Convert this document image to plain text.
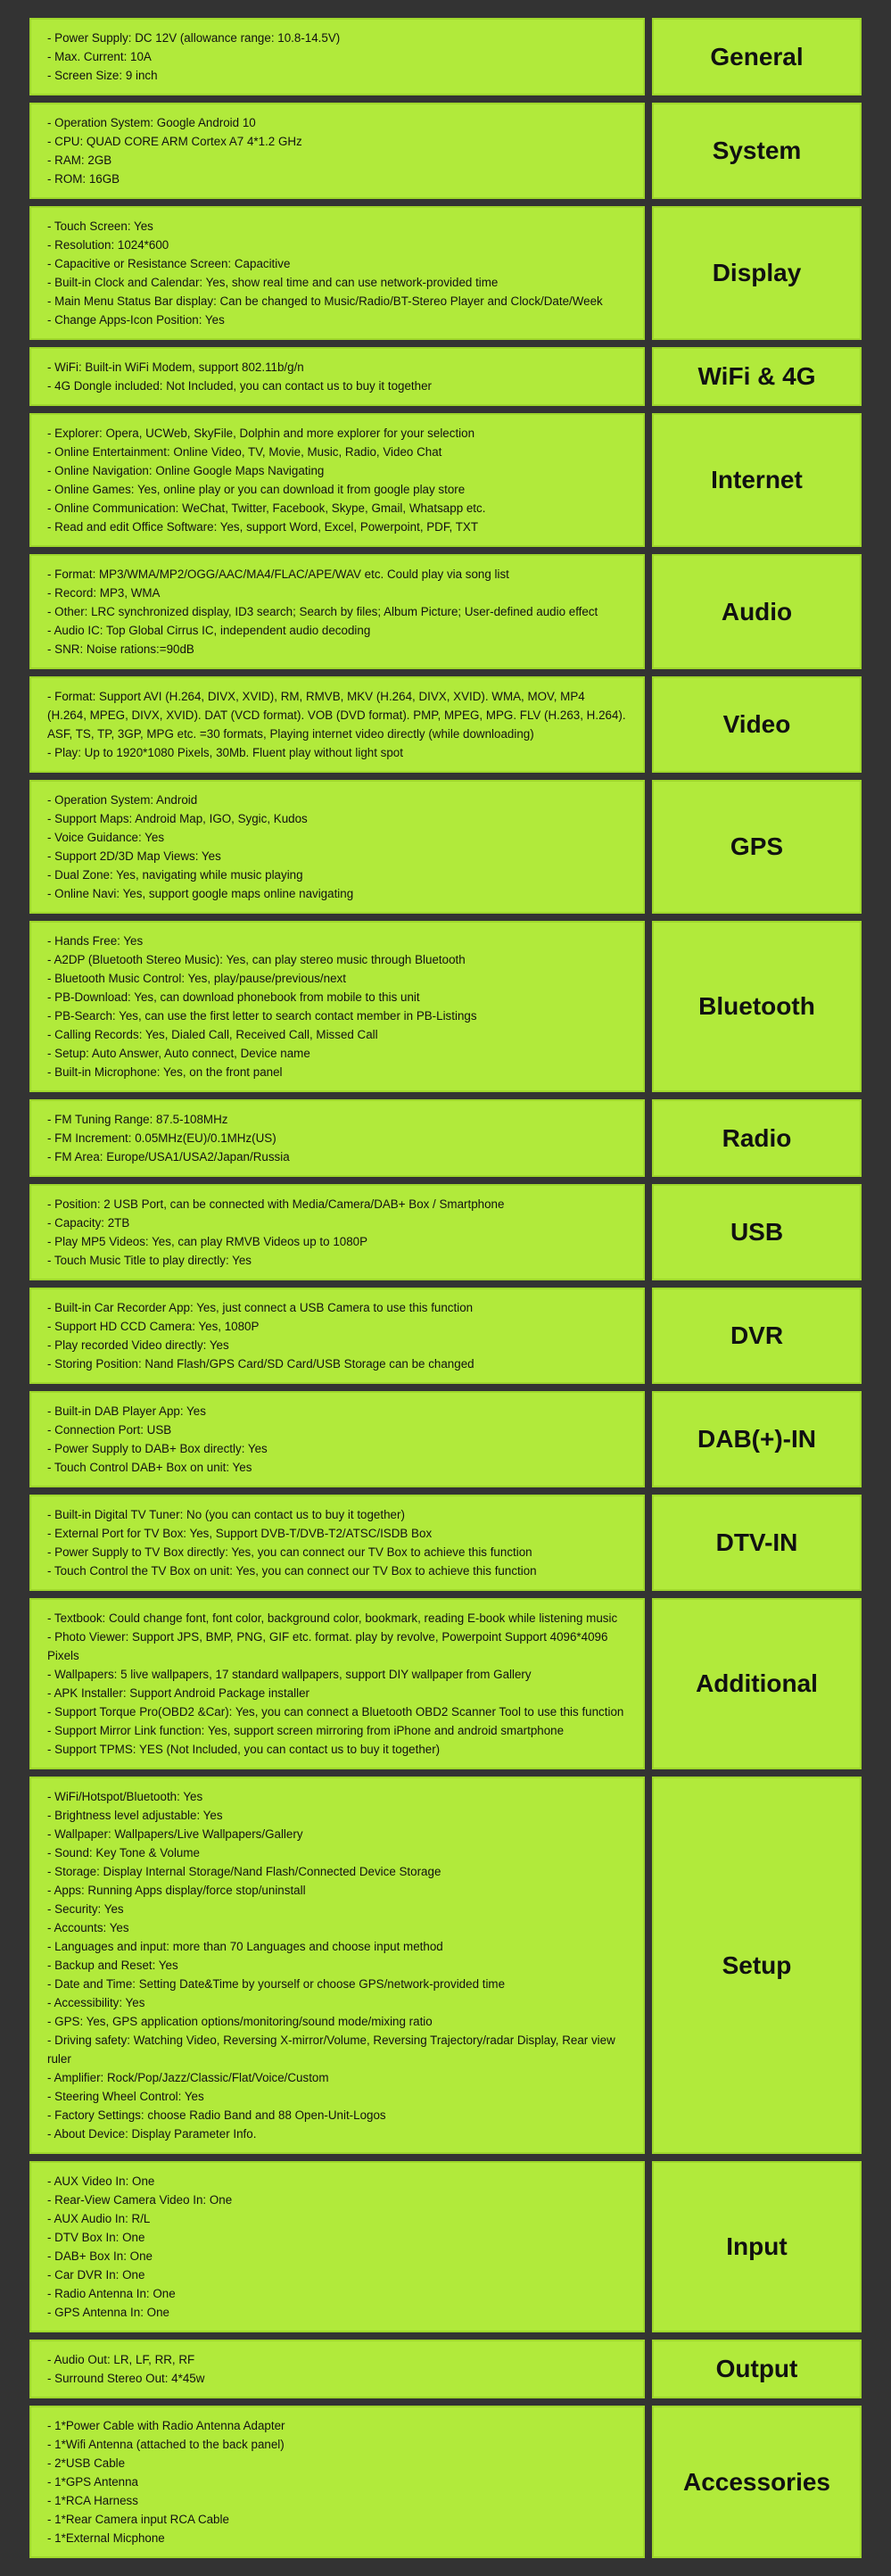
- Power Supply: DC 12V (allowance range: 10.8-14.5V)
- Max. Current: 10A
- Screen Size: 9 inch
General
- Operation System: Google Android 10
- CPU: QUAD CORE ARM Cortex A7 4*1.2 GHz
- RAM: 2GB
- ROM: 16GB
System
- Touch Screen: Yes
- Resolution: 1024*600
- Capacitive or Resistance Screen: Capacitive
- Built-in Clock and Calendar: Yes, show real time and can use network-provided time
- Main Menu Status Bar display: Can be changed to Music/Radio/BT-Stereo Player and Clock/Date/Week
- Change Apps-Icon Position: Yes
Display
- WiFi: Built-in WiFi Modem, support 802.11b/g/n
- 4G Dongle included: Not Included, you can contact us to buy it together	WiFi & 4G
- Explorer: Opera, UCWeb, SkyFile, Dolphin and more explorer for your selection
- Online Entertainment: Online Video, TV, Movie, Music, Radio, Video Chat
- Online Navigation: Online Google Maps Navigating
- Online Games: Yes, online play or you can download it from google play store
- Online Communication: WeChat, Twitter, Facebook, Skype, Gmail, Whatsapp etc.
- Read and edit Office Software: Yes, support Word, Excel, Powerpoint, PDF, TXT
Internet
- Format: MP3/WMA/MP2/OGG/AAC/MA4/FLAC/APE/WAV etc. Could play via song list
- Record: MP3, WMA
- Other: LRC synchronized display, ID3 search; Search by files; Album Picture; User-defined audio effect
- Audio IC: Top Global Cirrus IC, independent audio decoding
- SNR: Noise rations:=90dB
Audio
- Format: Support AVI (H.264, DIVX, XVID), RM, RMVB, MKV (H.264, DIVX, XVID). WMA, MOV, MP4 (H.264, MPEG, DIVX, XVID). DAT (VCD format). VOB (DVD format). PMP, MPEG, MPG. FLV (H.263, H.264). ASF, TS, TP, 3GP, MPG etc. =30 formats, Playing internet video directly (while downloading)
- Play: Up to 1920*1080 Pixels, 30Mb. Fluent play without light spot
Video
- Operation System: Android
- Support Maps: Android Map, IGO, Sygic, Kudos
- Voice Guidance: Yes
- Support 2D/3D Map Views: Yes
- Dual Zone: Yes, navigating while music playing
- Online Navi: Yes, support google maps online navigating
GPS
- Hands Free: Yes
- A2DP (Bluetooth Stereo Music): Yes, can play stereo music through Bluetooth
- Bluetooth Music Control: Yes, play/pause/previous/next
- PB-Download: Yes, can download phonebook from mobile to this unit
- PB-Search: Yes, can use the first letter to search contact member in PB-Listings
- Calling Records: Yes, Dialed Call, Received Call, Missed Call
- Setup: Auto Answer, Auto connect, Device name
- Built-in Microphone: Yes, on the front panel
Bluetooth
- FM Tuning Range: 87.5-108MHz
- FM Increment: 0.05MHz(EU)/0.1MHz(US)
- FM Area: Europe/USA1/USA2/Japan/Russia
Radio
- Position: 2 USB Port, can be connected with Media/Camera/DAB+ Box / Smartphone
- Capacity: 2TB
- Play MP5 Videos: Yes, can play RMVB Videos up to 1080P
- Touch Music Title to play directly: Yes
USB
- Built-in Car Recorder App: Yes, just connect a USB Camera to use this function
- Support HD CCD Camera: Yes, 1080P
- Play recorded Video directly: Yes
- Storing Position: Nand Flash/GPS Card/SD Card/USB Storage can be changed
DVR
- Built-in DAB Player App: Yes
- Connection Port: USB
- Power Supply to DAB+ Box directly: Yes
- Touch Control DAB+ Box on unit: Yes
DAB(+)-IN
- Built-in Digital TV Tuner: No (you can contact us to buy it together)
- External Port for TV Box: Yes, Support DVB-T/DVB-T2/ATSC/ISDB Box
- Power Supply to TV Box directly: Yes, you can connect our TV Box to achieve this function
- Touch Control the TV Box on unit: Yes, you can connect our TV Box to achieve this function
DTV-IN
- Textbook: Could change font, font color, background color, bookmark, reading E-book while listening music
- Photo Viewer: Support JPS, BMP, PNG, GIF etc. format. play by revolve, Powerpoint Support 4096*4096 Pixels
- Wallpapers: 5 live wallpapers, 17 standard wallpapers, support DIY wallpaper from Gallery
- APK Installer: Support Android Package installer
- Support Torque Pro(OBD2 &Car): Yes, you can connect a Bluetooth OBD2 Scanner Tool to use this function
- Support Mirror Link function: Yes, support screen mirroring from iPhone and android smartphone
- Support TPMS: YES (Not Included, you can contact us to buy it together)
Additional
- WiFi/Hotspot/Bluetooth: Yes
- Brightness level adjustable: Yes
- Wallpaper: Wallpapers/Live Wallpapers/Gallery
- Sound: Key Tone & Volume
- Storage: Display Internal Storage/Nand Flash/Connected Device Storage
- Apps: Running Apps display/force stop/uninstall
- Security: Yes
- Accounts: Yes
- Languages and input: more than 70 Languages and choose input method
- Backup and Reset: Yes
- Date and Time: Setting Date&Time by yourself or choose GPS/network-provided time
- Accessibility: Yes
- GPS: Yes, GPS application options/monitoring/sound mode/mixing ratio
- Driving safety: Watching Video, Reversing X-mirror/Volume, Reversing Trajectory/radar Display, Rear view ruler
- Amplifier: Rock/Pop/Jazz/Classic/Flat/Voice/Custom
- Steering Wheel Control: Yes
- Factory Settings: choose Radio Band and 88 Open-Unit-Logos
- About Device: Display Parameter Info.
Setup
- AUX Video In: One
- Rear-View Camera Video In: One
- AUX Audio In: R/L
- DTV Box In: One
- DAB+ Box In: One
- Car DVR In: One
- Radio Antenna In: One
- GPS Antenna In: One
Input
- Audio Out: LR, LF, RR, RF
- Surround Stereo Out: 4*45w	Output
- 1*Power Cable with Radio Antenna Adapter
- 1*Wifi Antenna (attached to the back panel)
- 2*USB Cable
- 1*GPS Antenna
- 1*RCA Harness
- 1*Rear Camera input RCA Cable
- 1*External Micphone
Accessories
